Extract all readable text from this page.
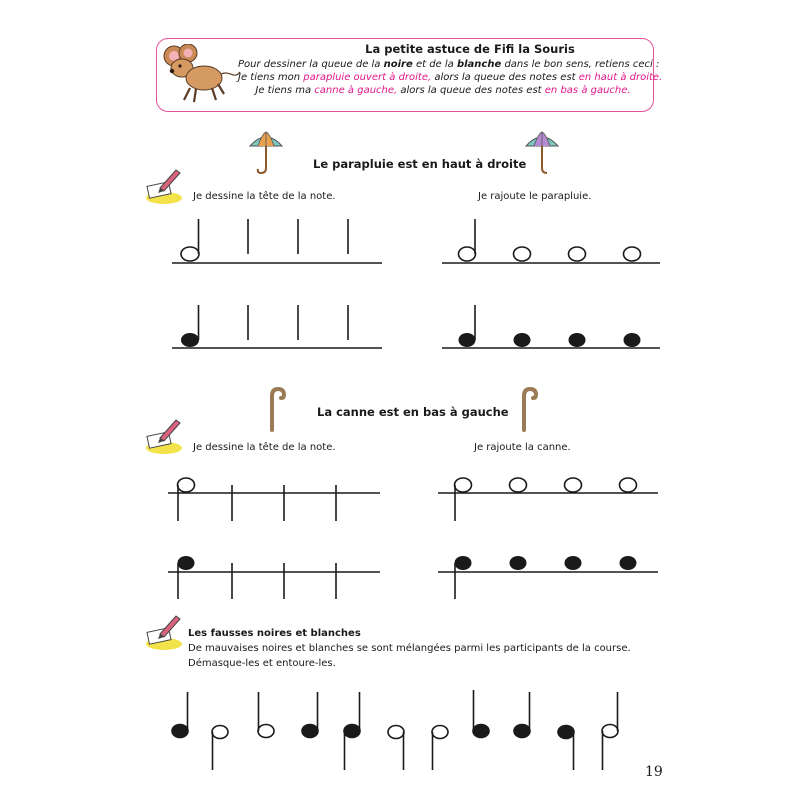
La petite astuce de Fifi la Souris
Pour dessiner la queue de la noire et de la blanche dans le bon sens, retiens ceci :
Je tiens mon parapluie ouvert à droite, alors la queue des notes est en haut à droite.
Je tiens ma canne à gauche, alors la queue des notes est en bas à gauche.
Le parapluie est en haut à droite
Je dessine la tête de la note.	Je rajoute le parapluie.
La canne est en bas à gauche
Je dessine la tête de la note.	Je rajoute la canne.
Les fausses noires et blanches
De mauvaises noires et blanches se sont mélangées parmi les participants de la course.
Démasque-les et entoure-les.
19
